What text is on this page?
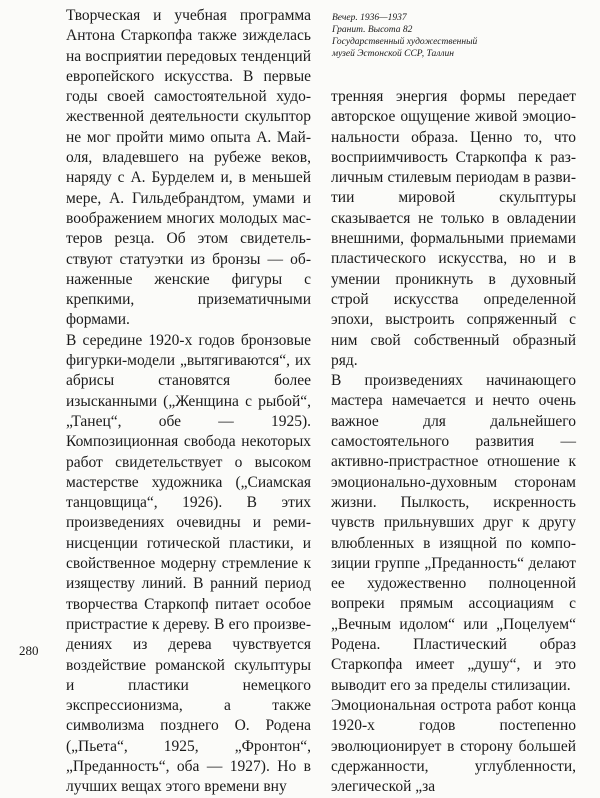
Вечер. 1936—1937
Гранит. Высота 82
Государственный художественный
музей Эстонской ССР, Таллин

Творческая и учебная программа Антона Старкопфа также зижделась на восприятии передовых тенденций европейского искусства. В первые годы своей самостоятельной художественной деятельности скульптор не мог пройти мимо опыта А. Майоля, владевшего на рубеже веков, наряду с А. Бурделем и, в меньшей мере, А. Гильдебрандтом, умами и воображением многих молодых мастеров резца. Об этом свидетельствуют статуэтки из бронзы — обнаженные женские фигуры с крепкими, призематичными формами.

В середине 1920-х годов бронзовые фигурки-модели „вытягиваются“, их абрисы становятся более изысканными („Женщина с рыбой“, „Танец“, обе — 1925). Композиционная свобода некоторых работ свидетельствует о высоком мастерстве художника („Сиамская танцовщица“, 1926). В этих произведениях очевидны и реминисценции готической пластики, и свойственное модерну стремление к изяществу линий. В ранний период творчества Старкопф питает особое пристрастие к дереву. В его произведениях из дерева чувствуется воздействие романской скульптуры и пластики немецкого экспрессионизма, а также символизма позднего О. Родена („Пьета“, 1925, „Фронтон“, „Преданность“, оба — 1927). Но в лучших вещах этого времени вну

тренняя энергия формы передает авторское ощущение живой эмоциональности образа. Ценно то, что восприимчивость Старкопфа к различным стилевым периодам в развитии мировой скульптуры сказывается не только в овладении внешними, формальными приемами пластического искусства, но и в умении проникнуть в духовный строй искусства определенной эпохи, выстроить сопряженный с ним свой собственный образный ряд.

В произведениях начинающего мастера намечается и нечто очень важное для дальнейшего самостоятельного развития — активно-пристрастное отношение к эмоционально-духовным сторонам жизни. Пылкость, искренность чувств прильнувших друг к другу влюбленных в изящной по композиции группе „Преданность“ делают ее художественно полноценной вопреки прямым ассоциациям с „Вечным идолом“ или „Поцелуем“ Родена. Пластический образ Старкопфа имеет „душу“, и это выводит его за пределы стилизации.

Эмоциональная острота работ конца 1920-х годов постепенно эволюционирует в сторону большей сдержанности, углубленности, элегической „за

280
